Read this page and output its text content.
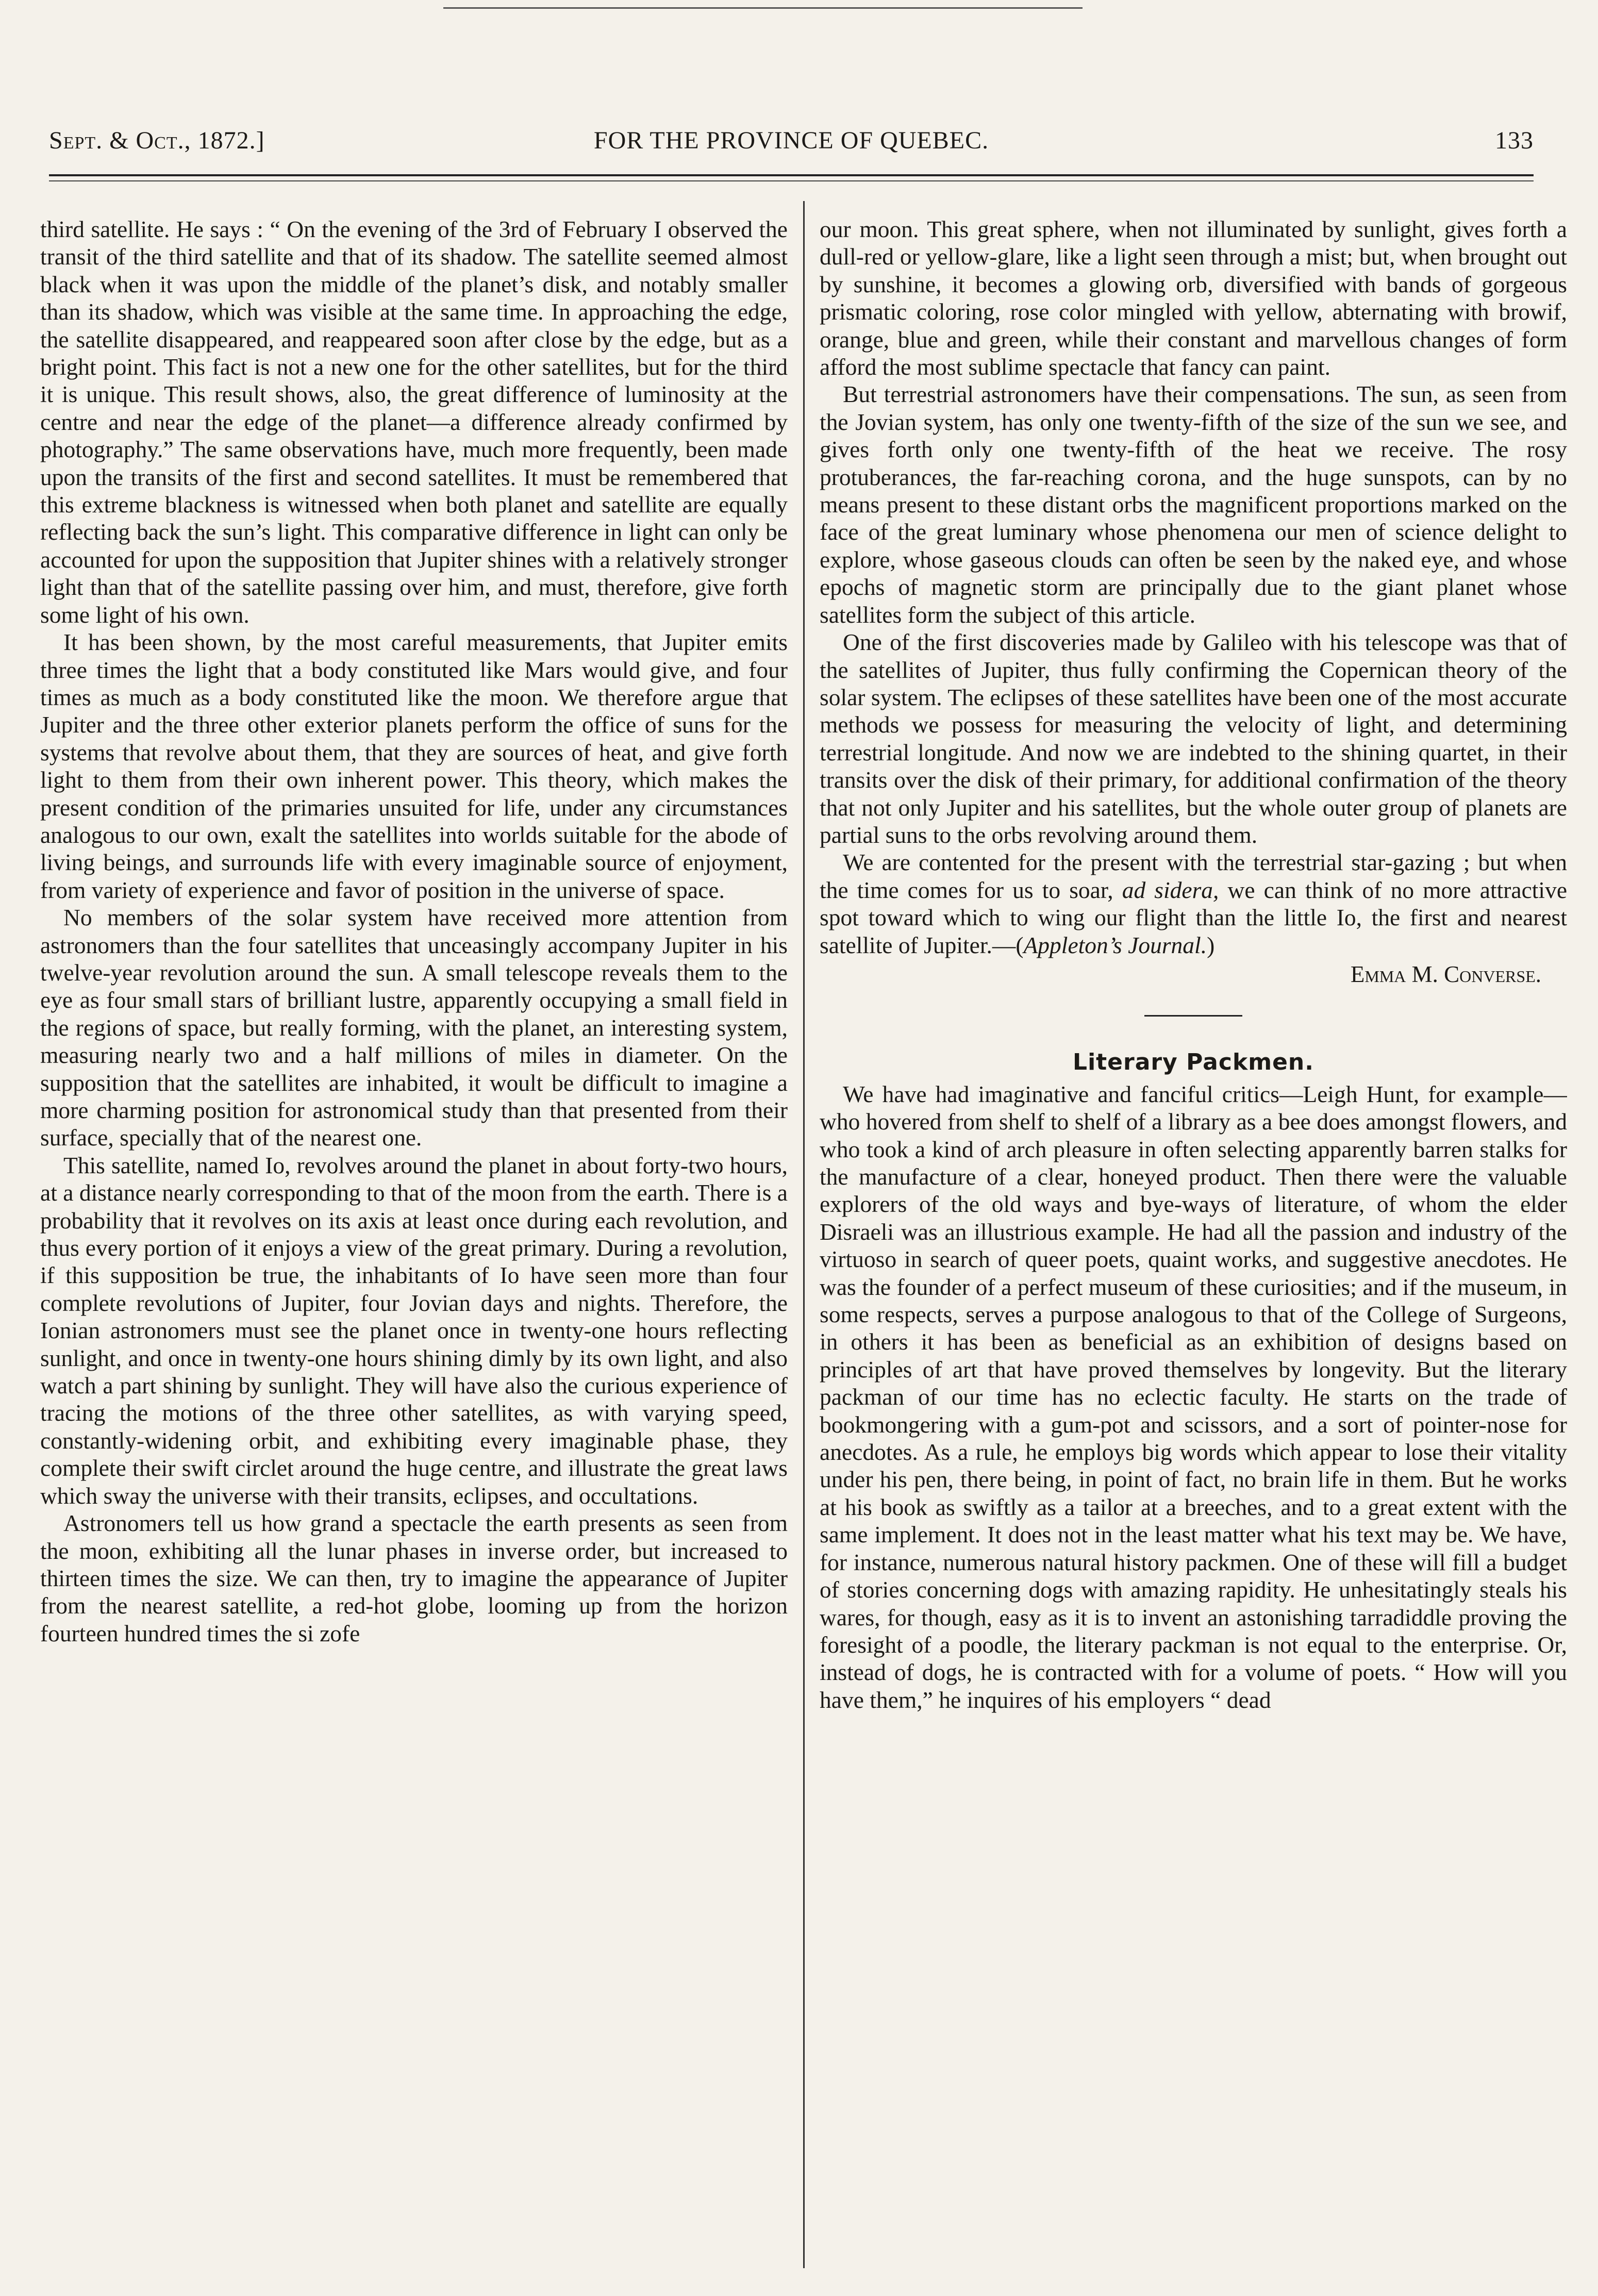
Sept. & Oct., 1872.]	FOR THE PROVINCE OF QUEBEC.	133

third satellite. He says : “ On the evening of the 3rd of February I observed the transit of the third satellite and that of its shadow. The satellite seemed almost black when it was upon the middle of the planet’s disk, and notably smaller than its shadow, which was visible at the same time. In approaching the edge, the satellite disappeared, and reappeared soon after close by the edge, but as a bright point. This fact is not a new one for the other satellites, but for the third it is unique. This result shows, also, the great difference of luminosity at the centre and near the edge of the planet—a difference already confirmed by photography.” The same observations have, much more frequently, been made upon the transits of the first and second satellites. It must be remembered that this extreme blackness is witnessed when both planet and satellite are equally reflecting back the sun’s light. This comparative difference in light can only be accounted for upon the supposition that Jupiter shines with a relatively stronger light than that of the satellite passing over him, and must, therefore, give forth some light of his own.

It has been shown, by the most careful measurements, that Jupiter emits three times the light that a body constituted like Mars would give, and four times as much as a body constituted like the moon. We therefore argue that Jupiter and the three other exterior planets perform the office of suns for the systems that revolve about them, that they are sources of heat, and give forth light to them from their own inherent power. This theory, which makes the present condition of the primaries unsuited for life, under any circumstances analogous to our own, exalt the satellites into worlds suitable for the abode of living beings, and surrounds life with every imaginable source of enjoyment, from variety of experience and favor of position in the universe of space.

No members of the solar system have received more attention from astronomers than the four satellites that unceasingly accompany Jupiter in his twelve-year revolution around the sun. A small telescope reveals them to the eye as four small stars of brilliant lustre, apparently occupying a small field in the regions of space, but really forming, with the planet, an interesting system, measuring nearly two and a half millions of miles in diameter. On the supposition that the satellites are inhabited, it woult be difficult to imagine a more charming position for astronomical study than that presented from their surface, specially that of the nearest one.

This satellite, named Io, revolves around the planet in about forty-two hours, at a distance nearly corresponding to that of the moon from the earth. There is a probability that it revolves on its axis at least once during each revolution, and thus every portion of it enjoys a view of the great primary. During a revolution, if this supposition be true, the inhabitants of Io have seen more than four complete revolutions of Jupiter, four Jovian days and nights. Therefore, the Ionian astronomers must see the planet once in twenty-one hours reflecting sunlight, and once in twenty-one hours shining dimly by its own light, and also watch a part shining by sunlight. They will have also the curious experience of tracing the motions of the three other satellites, as with varying speed, constantly-widening orbit, and exhibiting every imaginable phase, they complete their swift circlet around the huge centre, and illustrate the great laws which sway the universe with their transits, eclipses, and occultations.

Astronomers tell us how grand a spectacle the earth presents as seen from the moon, exhibiting all the lunar phases in inverse order, but increased to thirteen times the size. We can then, try to imagine the appearance of Jupiter from the nearest satellite, a red-hot globe, looming up from the horizon fourteen hundred times the si zofe

our moon. This great sphere, when not illuminated by sunlight, gives forth a dull-red or yellow-glare, like a light seen through a mist; but, when brought out by sunshine, it becomes a glowing orb, diversified with bands of gorgeous prismatic coloring, rose color mingled with yellow, abternating with browif, orange, blue and green, while their constant and marvellous changes of form afford the most sublime spectacle that fancy can paint.

But terrestrial astronomers have their compensations. The sun, as seen from the Jovian system, has only one twenty-fifth of the size of the sun we see, and gives forth only one twenty-fifth of the heat we receive. The rosy protuberances, the far-reaching corona, and the huge sunspots, can by no means present to these distant orbs the magnificent proportions marked on the face of the great luminary whose phenomena our men of science delight to explore, whose gaseous clouds can often be seen by the naked eye, and whose epochs of magnetic storm are principally due to the giant planet whose satellites form the subject of this article.

One of the first discoveries made by Galileo with his telescope was that of the satellites of Jupiter, thus fully confirming the Copernican theory of the solar system. The eclipses of these satellites have been one of the most accurate methods we possess for measuring the velocity of light, and determining terrestrial longitude. And now we are indebted to the shining quartet, in their transits over the disk of their primary, for additional confirmation of the theory that not only Jupiter and his satellites, but the whole outer group of planets are partial suns to the orbs revolving around them.

We are contented for the present with the terrestrial star-gazing ; but when the time comes for us to soar, ad sidera, we can think of no more attractive spot toward which to wing our flight than the little Io, the first and nearest satellite of Jupiter.—(Appleton’s Journal.)

Emma M. Converse.
Literary Packmen.

We have had imaginative and fanciful critics—Leigh Hunt, for example—who hovered from shelf to shelf of a library as a bee does amongst flowers, and who took a kind of arch pleasure in often selecting apparently barren stalks for the manufacture of a clear, honeyed product. Then there were the valuable explorers of the old ways and bye-ways of literature, of whom the elder Disraeli was an illustrious example. He had all the passion and industry of the virtuoso in search of queer poets, quaint works, and suggestive anecdotes. He was the founder of a perfect museum of these curiosities; and if the museum, in some respects, serves a purpose analogous to that of the College of Surgeons, in others it has been as beneficial as an exhibition of designs based on principles of art that have proved themselves by longevity. But the literary packman of our time has no eclectic faculty. He starts on the trade of bookmongering with a gum-pot and scissors, and a sort of pointer-nose for anecdotes. As a rule, he employs big words which appear to lose their vitality under his pen, there being, in point of fact, no brain life in them. But he works at his book as swiftly as a tailor at a breeches, and to a great extent with the same implement. It does not in the least matter what his text may be. We have, for instance, numerous natural history packmen. One of these will fill a budget of stories concerning dogs with amazing rapidity. He unhesitatingly steals his wares, for though, easy as it is to invent an astonishing tarradiddle proving the foresight of a poodle, the literary packman is not equal to the enterprise. Or, instead of dogs, he is contracted with for a volume of poets. “ How will you have them,” he inquires of his employers “ dead
